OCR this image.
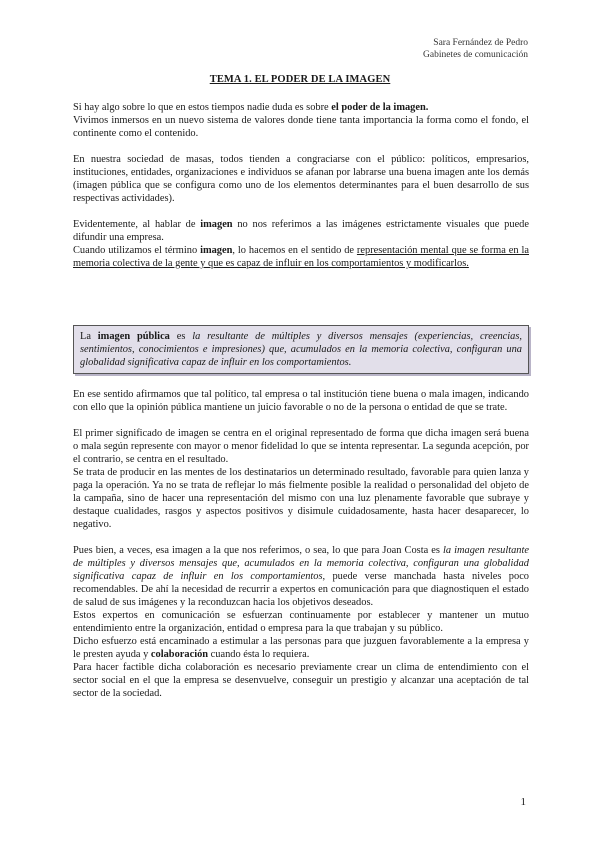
Sara Fernández de Pedro
Gabinetes de comunicación
TEMA 1. EL PODER DE LA IMAGEN

Si hay algo sobre lo que en estos tiempos nadie duda es sobre el poder de la imagen.

Vivimos inmersos en un nuevo sistema de valores donde tiene tanta importancia la forma como el fondo, el continente como el contenido.

En nuestra sociedad de masas, todos tienden a congraciarse con el público: políticos, empresarios, instituciones, entidades, organizaciones e individuos se afanan por labrarse una buena imagen ante los demás (imagen pública que se configura como uno de los elementos determinantes para el buen desarrollo de sus respectivas actividades).

Evidentemente, al hablar de imagen no nos referimos a las imágenes estrictamente visuales que puede difundir una empresa.

Cuando utilizamos el término imagen, lo hacemos en el sentido de representación mental que se forma en la memoria colectiva de la gente y que es capaz de influir en los comportamientos y modificarlos.

La imagen pública es la resultante de múltiples y diversos mensajes (experiencias, creencias, sentimientos, conocimientos e impresiones) que, acumulados en la memoria colectiva, configuran una globalidad significativa capaz de influir en los comportamientos.

En ese sentido afirmamos que tal político, tal empresa o tal institución tiene buena o mala imagen, indicando con ello que la opinión pública mantiene un juicio favorable o no de la persona o entidad de que se trate.

El primer significado de imagen se centra en el original representado de forma que dicha imagen será buena o mala según represente con mayor o menor fidelidad lo que se intenta representar. La segunda acepción, por el contrario, se centra en el resultado.

Se trata de producir en las mentes de los destinatarios un determinado resultado, favorable para quien lanza y paga la operación. Ya no se trata de reflejar lo más fielmente posible la realidad o personalidad del objeto de la campaña, sino de hacer una representación del mismo con una luz plenamente favorable que subraye y destaque cualidades, rasgos y aspectos positivos y disimule cuidadosamente, hasta hacer desaparecer, lo negativo.

Pues bien, a veces, esa imagen a la que nos referimos, o sea, lo que para Joan Costa es la imagen resultante de múltiples y diversos mensajes que, acumulados en la memoria colectiva, configuran una globalidad significativa capaz de influir en los comportamientos, puede verse manchada hasta niveles poco recomendables. De ahí la necesidad de recurrir a expertos en comunicación para que diagnostiquen el estado de salud de sus imágenes y la reconduzcan hacia los objetivos deseados.

Estos expertos en comunicación se esfuerzan continuamente por establecer y mantener un mutuo entendimiento entre la organización, entidad o empresa para la que trabajan y su público.

Dicho esfuerzo está encaminado a estimular a las personas para que juzguen favorablemente a la empresa y le presten ayuda y colaboración cuando ésta lo requiera.

Para hacer factible dicha colaboración es necesario previamente crear un clima de entendimiento con el sector social en el que la empresa se desenvuelve, conseguir un prestigio y alcanzar una aceptación de tal sector de la sociedad.

1
